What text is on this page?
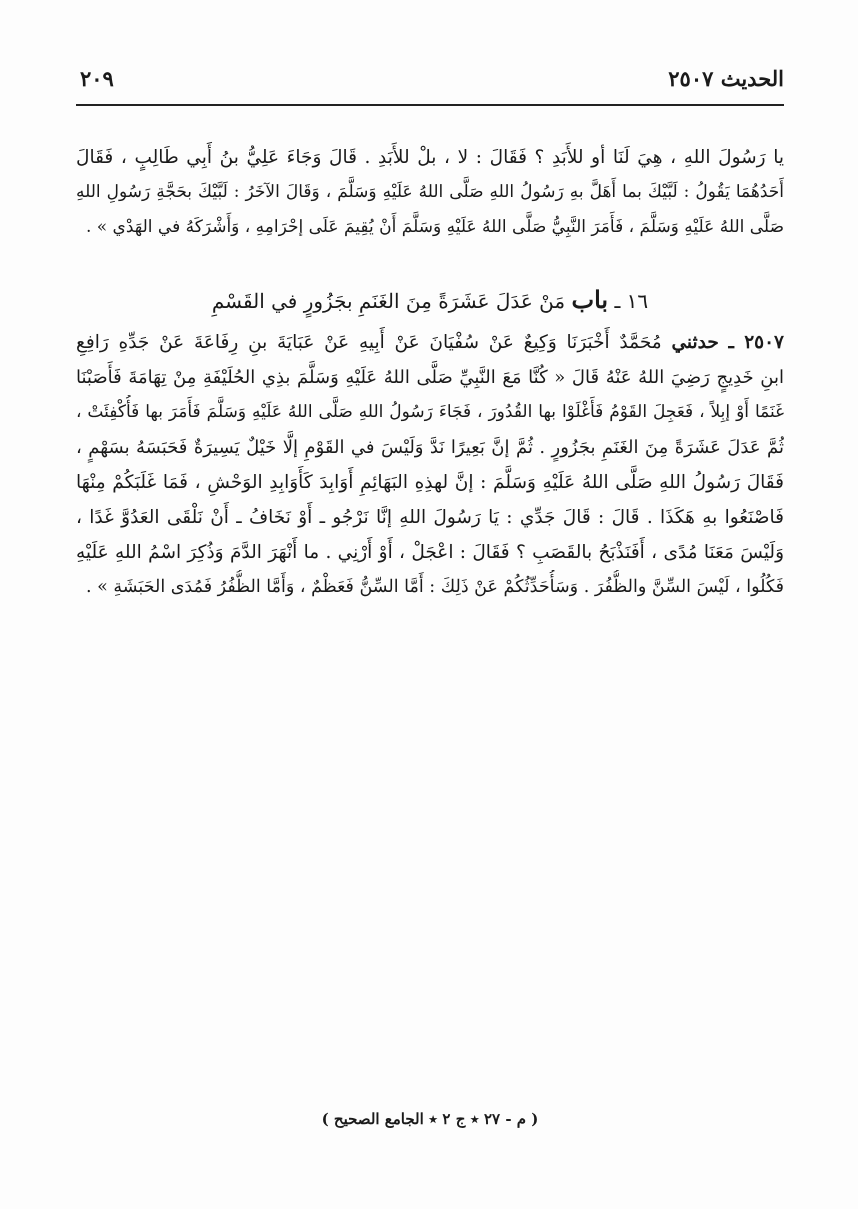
الحديث ٢٥٠٧
٢٠٩
يا رَسُولَ اللهِ ، هِيَ لَنَا أو للأَبَدِ ؟ فَقَالَ : لا ، بلْ للأَبَدِ . قَالَ وَجَاءَ عَلِيُّ بنُ أَبِي طَالِبٍ ، فَقَالَ
أَحَدُهُمَا يَقُولُ : لَبَّيْكَ بما أَهَلَّ بهِ رَسُولُ اللهِ صَلَّى اللهُ عَلَيْهِ وَسَلَّمَ ، وَقَالَ الآخَرُ : لَبَّيْكَ بحَجَّةِ رَسُولِ اللهِ
صَلَّى اللهُ عَلَيْهِ وَسَلَّمَ ، فَأَمَرَ النَّبِيُّ صَلَّى اللهُ عَلَيْهِ وَسَلَّمَ أَنْ يُقِيمَ عَلَى إحْرَامِهِ ، وَأَشْرَكَهُ في الهَدْي » .
١٦ ـ باب مَنْ عَدَلَ عَشَرَةً مِنَ الغَنَمِ بجَزُورٍ في القَسْمِ
٢٥٠٧ ـ حدثني مُحَمَّدٌ أَخْبَرَنَا وَكِيعٌ عَنْ سُفْيَانَ عَنْ أَبِيهِ عَنْ عَبَايَةَ بنِ رِفَاعَةَ عَنْ جَدِّهِ رَافِعِ
ابنِ خَدِيجٍ رَضِيَ اللهُ عَنْهُ قَالَ « كُنَّا مَعَ النَّبِيِّ صَلَّى اللهُ عَلَيْهِ وَسَلَّمَ بذِي الحُلَيْفَةِ مِنْ تِهَامَةَ فَأَصَبْنَا
غَنَمًا أَوْ إبِلاً ، فَعَجِلَ القَوْمُ فَأَغْلَوْا بها القُدُورَ ، فَجَاءَ رَسُولُ اللهِ صَلَّى اللهُ عَلَيْهِ وَسَلَّمَ فَأَمَرَ بها فَأُكْفِئَتْ ،
ثُمَّ عَدَلَ عَشَرَةً مِنَ الغَنَمِ بجَزُورٍ . ثُمَّ إنَّ بَعِيرًا نَدَّ وَلَيْسَ في القَوْمِ إلَّا خَيْلٌ يَسِيرَةٌ فَحَبَسَهُ بسَهْمٍ ،
فَقَالَ رَسُولُ اللهِ صَلَّى اللهُ عَلَيْهِ وَسَلَّمَ : إنَّ لهذِهِ البَهَائِمِ أَوَابِدَ كَأَوَابِدِ الوَحْشِ ، فَمَا غَلَبَكُمْ مِنْهَا
فَاصْنَعُوا بهِ هَكَذَا . قَالَ : قَالَ جَدِّي : يَا رَسُولَ اللهِ إنَّا نَرْجُو ـ أَوْ نَخَافُ ـ أَنْ نَلْقَى العَدُوَّ غَدًا ،
وَلَيْسَ مَعَنَا مُدًى ، أَفَنَذْبَحُ بالقَصَبِ ؟ فَقَالَ : اعْجَلْ ، أَوْ أَرْنِي . ما أَنْهَرَ الدَّمَ وَذُكِرَ اسْمُ اللهِ عَلَيْهِ
فَكُلُوا ، لَيْسَ السِّنَّ والظُّفُرَ . وَسَأُحَدِّثُكُمْ عَنْ ذَلِكَ : أَمَّا السِّنُّ فَعَظْمٌ ، وَأَمَّا الظُّفُرُ فَمُدَى الحَبَشَةِ » .
( م - ٢٧ ٭ ج ٢ ٭ الجامع الصحيح )
